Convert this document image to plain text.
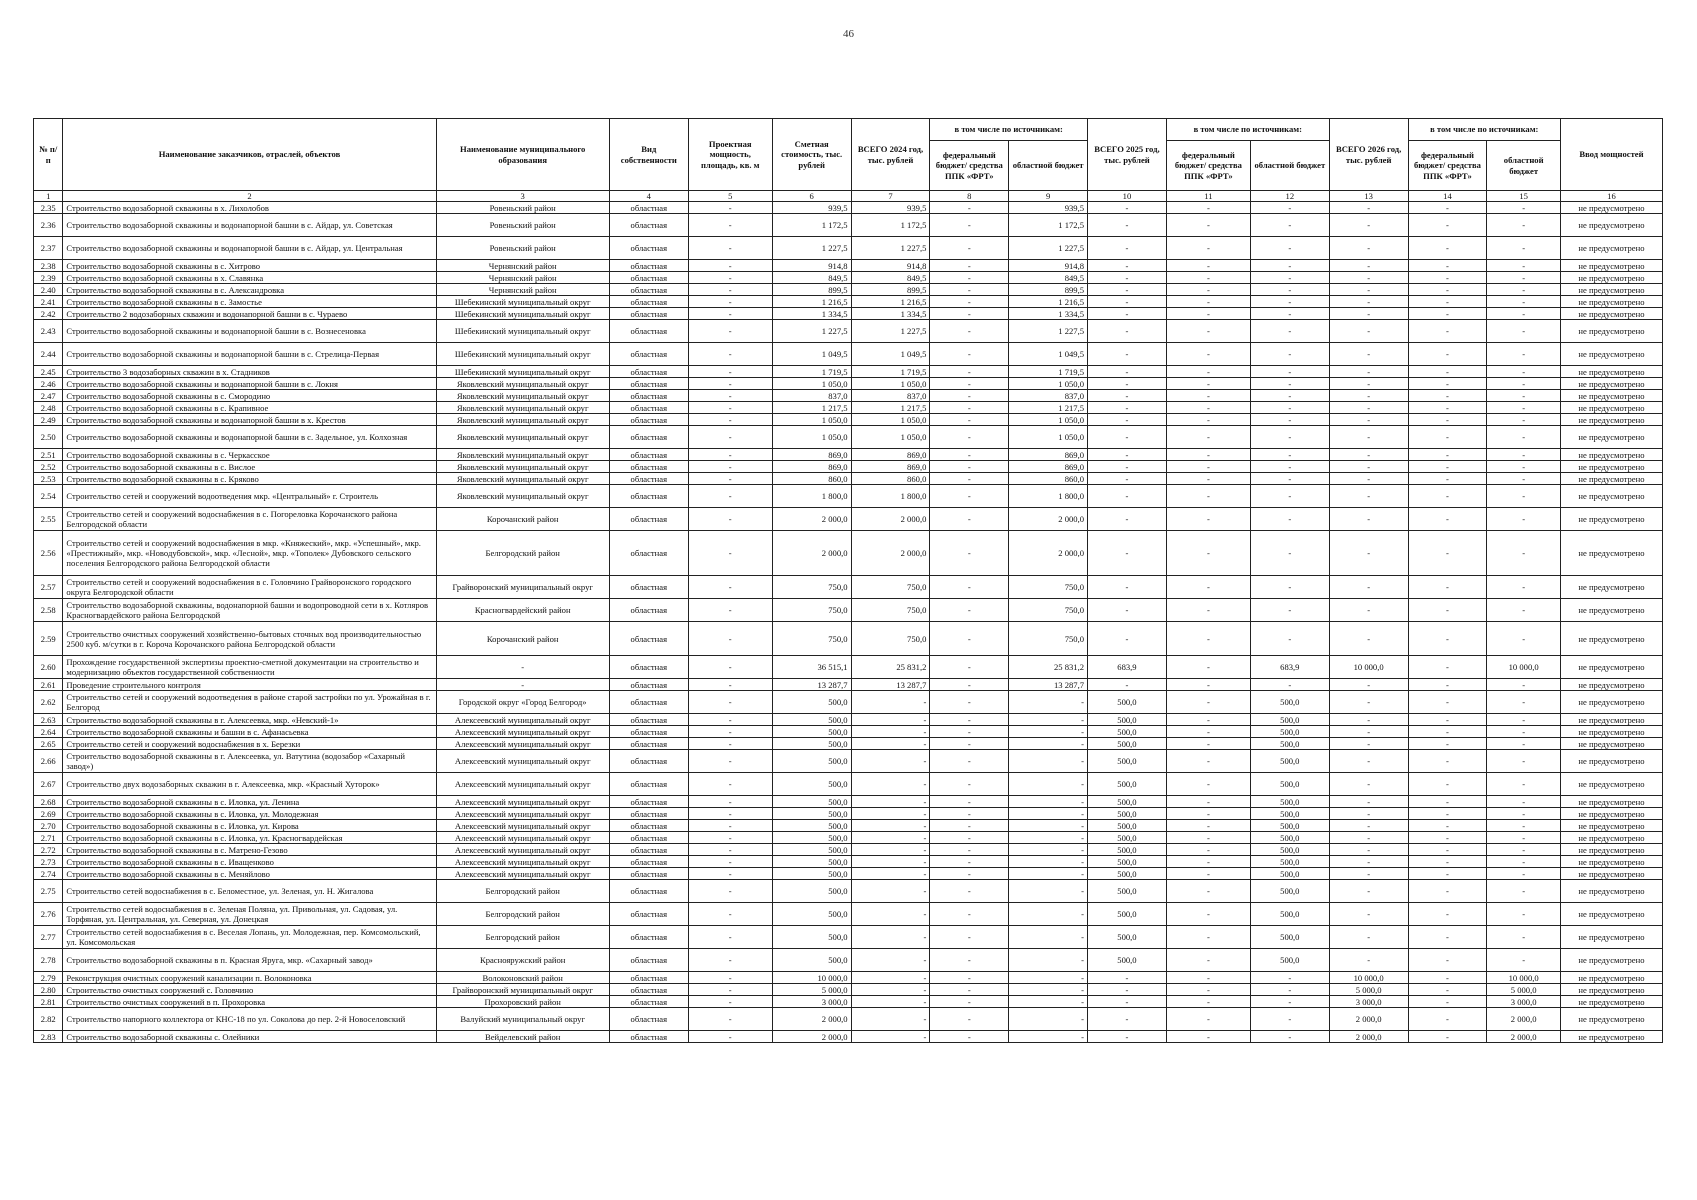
46
№ п/п	Наименование заказчиков, отраслей, объектов	Наименование муниципального образования	Вид собственности	Проектная мощность, площадь, кв. м	Сметная стоимость, тыс. рублей	ВСЕГО 2024 год, тыс. рублей	в том числе по источникам:		ВСЕГО 2025 год, тыс. рублей	в том числе по источникам:		ВСЕГО 2026 год, тыс. рублей	в том числе по источникам:		Ввод мощностей
							федеральный бюджет/ средства ППК «ФРТ»	областной бюджет		федеральный бюджет/ средства ППК «ФРТ»	областной бюджет		федеральный бюджет/ средства ППК «ФРТ»	областной бюджет	
1	2	3	4	5	6	7	8	9	10	11	12	13	14	15	16
2.35	Строительство водозаборной скважины в х. Лихолобов	Ровеньский район	областная	-	939,5	939,5	-	939,5	-	-	-	-	-	-	не предусмотрено
2.36	Строительство водозаборной скважины и водонапорной башни в с. Айдар, ул. Советская	Ровеньский район	областная	-	1 172,5	1 172,5	-	1 172,5	-	-	-	-	-	-	не предусмотрено
2.37	Строительство водозаборной скважины и водонапорной башни в с. Айдар, ул. Центральная	Ровеньский район	областная	-	1 227,5	1 227,5	-	1 227,5	-	-	-	-	-	-	не предусмотрено
2.38	Строительство водозаборной скважины в с. Хитрово	Чернянский район	областная	-	914,8	914,8	-	914,8	-	-	-	-	-	-	не предусмотрено
2.39	Строительство водозаборной скважины в х. Славянка	Чернянский район	областная	-	849,5	849,5	-	849,5	-	-	-	-	-	-	не предусмотрено
2.40	Строительство водозаборной скважины в с. Александровка	Чернянский район	областная	-	899,5	899,5	-	899,5	-	-	-	-	-	-	не предусмотрено
2.41	Строительство водозаборной скважины в с. Замостье	Шебекинский муниципальный округ	областная	-	1 216,5	1 216,5	-	1 216,5	-	-	-	-	-	-	не предусмотрено
2.42	Строительство 2 водозаборных скважин и водонапорной башни в с. Чураево	Шебекинский муниципальный округ	областная	-	1 334,5	1 334,5	-	1 334,5	-	-	-	-	-	-	не предусмотрено
2.43	Строительство водозаборной скважины и водонапорной башни в с. Вознесеновка	Шебекинский муниципальный округ	областная	-	1 227,5	1 227,5	-	1 227,5	-	-	-	-	-	-	не предусмотрено
2.44	Строительство водозаборной скважины и водонапорной башни в с. Стрелица-Первая	Шебекинский муниципальный округ	областная	-	1 049,5	1 049,5	-	1 049,5	-	-	-	-	-	-	не предусмотрено
2.45	Строительство 3 водозаборных скважин в х. Стадников	Шебекинский муниципальный округ	областная	-	1 719,5	1 719,5	-	1 719,5	-	-	-	-	-	-	не предусмотрено
2.46	Строительство водозаборной скважины и водонапорной башни в с. Локня	Яковлевский муниципальный округ	областная	-	1 050,0	1 050,0	-	1 050,0	-	-	-	-	-	-	не предусмотрено
2.47	Строительство водозаборной скважины в с. Смородино	Яковлевский муниципальный округ	областная	-	837,0	837,0	-	837,0	-	-	-	-	-	-	не предусмотрено
2.48	Строительство водозаборной скважины в с. Крапивное	Яковлевский муниципальный округ	областная	-	1 217,5	1 217,5	-	1 217,5	-	-	-	-	-	-	не предусмотрено
2.49	Строительство водозаборной скважины и водонапорной башни в х. Крестов	Яковлевский муниципальный округ	областная	-	1 050,0	1 050,0	-	1 050,0	-	-	-	-	-	-	не предусмотрено
2.50	Строительство водозаборной скважины и водонапорной башни в с. Задельное, ул. Колхозная	Яковлевский муниципальный округ	областная	-	1 050,0	1 050,0	-	1 050,0	-	-	-	-	-	-	не предусмотрено
2.51	Строительство водозаборной скважины в с. Черкасское	Яковлевский муниципальный округ	областная	-	869,0	869,0	-	869,0	-	-	-	-	-	-	не предусмотрено
2.52	Строительство водозаборной скважины в с. Вислое	Яковлевский муниципальный округ	областная	-	869,0	869,0	-	869,0	-	-	-	-	-	-	не предусмотрено
2.53	Строительство водозаборной скважины в с. Кряково	Яковлевский муниципальный округ	областная	-	860,0	860,0	-	860,0	-	-	-	-	-	-	не предусмотрено
2.54	Строительство сетей и сооружений водоотведения мкр. «Центральный» г. Строитель	Яковлевский муниципальный округ	областная	-	1 800,0	1 800,0	-	1 800,0	-	-	-	-	-	-	не предусмотрено
2.55	Строительство сетей и сооружений водоснабжения в с. Погореловка Корочанского района Белгородской области	Корочанский район	областная	-	2 000,0	2 000,0	-	2 000,0	-	-	-	-	-	-	не предусмотрено
2.56	Строительство сетей и сооружений водоснабжения в мкр. «Княжеский», мкр. «Успешный», мкр. «Престижный», мкр. «Новодубовской», мкр. «Лесной», мкр. «Тополек» Дубовского сельского поселения Белгородского района Белгородской области	Белгородский район	областная	-	2 000,0	2 000,0	-	2 000,0	-	-	-	-	-	-	не предусмотрено
2.57	Строительство сетей и сооружений водоснабжения в с. Головчино Грайворонского городского округа Белгородской области	Грайворонский муниципальный округ	областная	-	750,0	750,0	-	750,0	-	-	-	-	-	-	не предусмотрено
2.58	Строительство водозаборной скважины, водонапорной башни и водопроводной сети в х. Котляров Красногвардейского района Белгородской	Красногвардейский район	областная	-	750,0	750,0	-	750,0	-	-	-	-	-	-	не предусмотрено
2.59	Строительство очистных сооружений хозяйственно-бытовых сточных вод производительностью 2500 куб. м/сутки в г. Короча Корочанского района Белгородской области	Корочанский район	областная	-	750,0	750,0	-	750,0	-	-	-	-	-	-	не предусмотрено
2.60	Прохождение государственной экспертизы проектно-сметной документации на строительство и модернизацию объектов государственной собственности	-	областная	-	36 515,1	25 831,2	-	25 831,2	683,9	-	683,9	10 000,0	-	10 000,0	не предусмотрено
2.61	Проведение строительного контроля	-	областная	-	13 287,7	13 287,7	-	13 287,7	-	-	-	-	-	-	не предусмотрено
2.62	Строительство сетей и сооружений водоотведения в районе старой застройки по ул. Урожайная в г. Белгород	Городской округ «Город Белгород»	областная	-	500,0	-	-	-	500,0	-	500,0	-	-	-	не предусмотрено
2.63	Строительство водозаборной скважины в г. Алексеевка, мкр. «Невский-1»	Алексеевский муниципальный округ	областная	-	500,0	-	-	-	500,0	-	500,0	-	-	-	не предусмотрено
2.64	Строительство водозаборной скважины и башни в с. Афанасьевка	Алексеевский муниципальный округ	областная	-	500,0	-	-	-	500,0	-	500,0	-	-	-	не предусмотрено
2.65	Строительство сетей и сооружений водоснабжения в х. Березки	Алексеевский муниципальный округ	областная	-	500,0	-	-	-	500,0	-	500,0	-	-	-	не предусмотрено
2.66	Строительство водозаборной скважины в г. Алексеевка, ул. Ватутина (водозабор «Сахарный завод»)	Алексеевский муниципальный округ	областная	-	500,0	-	-	-	500,0	-	500,0	-	-	-	не предусмотрено
2.67	Строительство двух водозаборных скважин в г. Алексеевка, мкр. «Красный Хуторок»	Алексеевский муниципальный округ	областная	-	500,0	-	-	-	500,0	-	500,0	-	-	-	не предусмотрено
2.68	Строительство водозаборной скважины в с. Иловка, ул. Ленина	Алексеевский муниципальный округ	областная	-	500,0	-	-	-	500,0	-	500,0	-	-	-	не предусмотрено
2.69	Строительство водозаборной скважины в с. Иловка, ул. Молодежная	Алексеевский муниципальный округ	областная	-	500,0	-	-	-	500,0	-	500,0	-	-	-	не предусмотрено
2.70	Строительство водозаборной скважины в с. Иловка, ул. Кирова	Алексеевский муниципальный округ	областная	-	500,0	-	-	-	500,0	-	500,0	-	-	-	не предусмотрено
2.71	Строительство водозаборной скважины в с. Иловка, ул. Красногвардейская	Алексеевский муниципальный округ	областная	-	500,0	-	-	-	500,0	-	500,0	-	-	-	не предусмотрено
2.72	Строительство водозаборной скважины в с. Матрено-Гезово	Алексеевский муниципальный округ	областная	-	500,0	-	-	-	500,0	-	500,0	-	-	-	не предусмотрено
2.73	Строительство водозаборной скважины в с. Иващенково	Алексеевский муниципальный округ	областная	-	500,0	-	-	-	500,0	-	500,0	-	-	-	не предусмотрено
2.74	Строительство водозаборной скважины в с. Меняйлово	Алексеевский муниципальный округ	областная	-	500,0	-	-	-	500,0	-	500,0	-	-	-	не предусмотрено
2.75	Строительство сетей водоснабжения в с. Беломестное, ул. Зеленая, ул. Н. Жигалова	Белгородский район	областная	-	500,0	-	-	-	500,0	-	500,0	-	-	-	не предусмотрено
2.76	Строительство сетей водоснабжения в с. Зеленая Поляна, ул. Привольная, ул. Садовая, ул. Торфяная, ул. Центральная, ул. Северная, ул. Донецкая	Белгородский район	областная	-	500,0	-	-	-	500,0	-	500,0	-	-	-	не предусмотрено
2.77	Строительство сетей водоснабжения в с. Веселая Лопань, ул. Молодежная, пер. Комсомольский, ул. Комсомольская	Белгородский район	областная	-	500,0	-	-	-	500,0	-	500,0	-	-	-	не предусмотрено
2.78	Строительство водозаборной скважины в п. Красная Яруга, мкр. «Сахарный завод»	Краснояружский район	областная	-	500,0	-	-	-	500,0	-	500,0	-	-	-	не предусмотрено
2.79	Реконструкция очистных сооружений канализации п. Волоконовка	Волоконовский район	областная	-	10 000,0	-	-	-	-	-	-	10 000,0	-	10 000,0	не предусмотрено
2.80	Строительство очистных сооружений с. Головчино	Грайворонский муниципальный округ	областная	-	5 000,0	-	-	-	-	-	-	5 000,0	-	5 000,0	не предусмотрено
2.81	Строительство очистных сооружений в п. Прохоровка	Прохоровский район	областная	-	3 000,0	-	-	-	-	-	-	3 000,0	-	3 000,0	не предусмотрено
2.82	Строительство напорного коллектора от КНС-18 по ул. Соколова до пер. 2-й Новоселовский	Валуйский муниципальный округ	областная	-	2 000,0	-	-	-	-	-	-	2 000,0	-	2 000,0	не предусмотрено
2.83	Строительство водозаборной скважины с. Олейники	Вейделевский район	областная	-	2 000,0	-	-	-	-	-	-	2 000,0	-	2 000,0	не предусмотрено
